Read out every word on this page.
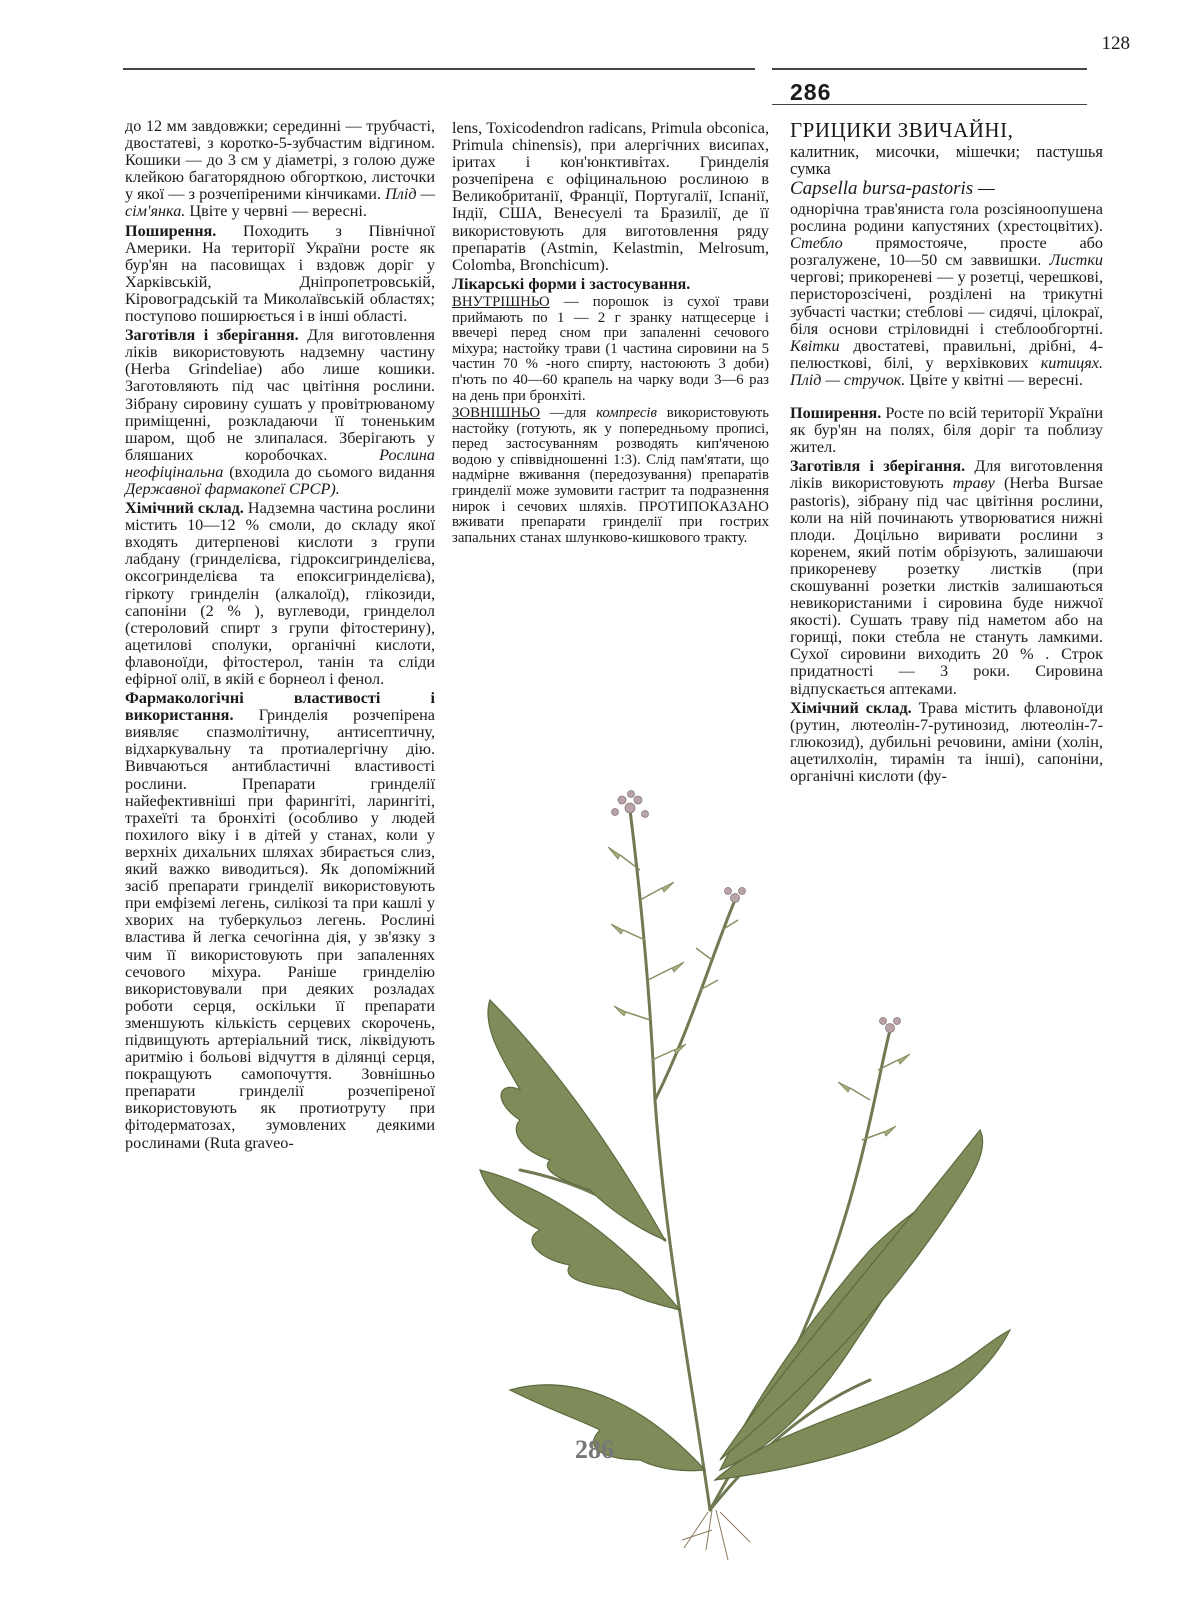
128
286

до 12 мм завдовжки; серединні — трубчасті, двостатеві, з коротко-5-зубчастим відгином. Кошики — до 3 см у діаметрі, з голою дуже клейкою багаторядною обгорткою, листочки у якої — з розчепіреними кінчиками. Плід — сім'янка. Цвіте у червні — вересні.

Поширення. Походить з Північної Америки. На території України росте як бур'ян на пасовищах і вздовж доріг у Харківській, Дніпропетровській, Кіровоградській та Миколаївській областях; поступово поширюється і в інші області.

Заготівля і зберігання. Для виготовлення ліків використовують надземну частину (Herba Grindeliae) або лише кошики. Заготовляють під час цвітіння рослини. Зібрану сировину сушать у провітрюваному приміщенні, розкладаючи її тоненьким шаром, щоб не злипалася. Зберігають у бляшаних коробочках. Рослина неофіцінальна (входила до сьомого видання Державної фармакопеї СРСР).

Хімічний склад. Надземна частина рослини містить 10—12 % смоли, до складу якої входять дитерпенові кислоти з групи лабдану (гринделієва, гідроксигринделієва, оксогринделієва та епоксигринделієва), гіркоту гринделін (алкалоїд), глікозиди, сапоніни (2 % ), вуглеводи, гринделол (стероловий спирт з групи фітостерину), ацетилові сполуки, органічні кислоти, флавоноїди, фітостерол, танін та сліди ефірної олії, в якій є борнеол і фенол.

Фармакологічні властивості і використання. Гринделія розчепірена виявляє спазмолітичну, антисептичну, відхаркувальну та протиалергічну дію. Вивчаються антибластичні властивості рослини. Препарати гринделії найефективніші при фарингіті, ларингіті, трахеїті та бронхіті (особливо у людей похилого віку і в дітей у станах, коли у верхніх дихальних шляхах збирається слиз, який важко виводиться). Як допоміжний засіб препарати гринделії використовують при емфіземі легень, силікозі та при кашлі у хворих на туберкульоз легень. Рослині властива й легка сечогінна дія, у зв'язку з чим її використовують при запаленнях сечового міхура. Раніше гринделію використовували при деяких розладах роботи серця, оскільки її препарати зменшують кількість серцевих скорочень, підвищують артеріальний тиск, ліквідують аритмію і больові відчуття в ділянці серця, покращують самопочуття. Зовнішньо препарати гринделії розчепіреної використовують як протиотруту при фітодерматозах, зумовлених деякими рослинами (Ruta graveo-

lens, Toxicodendron radicans, Primula obconica, Primula chinensis), при алергічних висипах, іритах і кон'юнктивітах. Гринделія розчепірена є офіцинальною рослиною в Великобританії, Франції, Португалії, Іспанії, Індії, США, Венесуелі та Бразилії, де її використовують для виготовлення ряду препаратів (Astmin, Kelastmin, Melrosum, Colomba, Bronchicum).

Лікарські форми і застосування.

ВНУТРІШНЬО — порошок із сухої трави приймають по 1 — 2 г зранку натщесерце і ввечері перед сном при запаленні сечового міхура; настойку трави (1 частина сировини на 5 частин 70 % -ного спирту, настоюють 3 доби) п'ють по 40—60 крапель на чарку води 3—6 раз на день при бронхіті.

ЗОВНІШНЬО —для компресів використовують настойку (готують, як у попередньому прописі, перед застосуванням розводять кип'яченою водою у співвідношенні 1:3). Слід пам'ятати, що надмірне вживання (передозування) препаратів гринделії може зумовити гастрит та подразнення нирок і сечових шляхів. ПРОТИПОКАЗАНО вживати препарати гринделії при гострих запальних станах шлунково-кишкового тракту.

ГРИЦИКИ ЗВИЧАЙНІ,

калитник, мисочки, мішечки; пастушья сумка

Capsella bursa-pastoris —

однорічна трав'яниста гола розсіяноопушена рослина родини капустяних (хрестоцвітих). Стебло прямостояче, просте або розгалужене, 10—50 см заввишки. Листки чергові; прикореневі — у розетці, черешкові, перисторозсічені, розділені на трикутні зубчасті частки; стеблові — сидячі, цілокраї, біля основи стріловидні і стеблообгортні. Квітки двостатеві, правильні, дрібні, 4-пелюсткові, білі, у верхівкових китицях. Плід — стручок. Цвіте у квітні — вересні.

Поширення. Росте по всій території України як бур'ян на полях, біля доріг та поблизу жител.

Заготівля і зберігання. Для виготовлення ліків використовують траву (Herba Bursae pastoris), зібрану під час цвітіння рослини, коли на ній починають утворюватися нижні плоди. Доцільно виривати рослини з коренем, який потім обрізують, залишаючи прикореневу розетку листків (при скошуванні розетки листків залишаються невикористаними і сировина буде нижчої якості). Сушать траву під наметом або на горищі, поки стебла не стануть ламкими. Сухої сировини виходить 20 % . Строк придатності — 3 роки. Сировина відпускається аптеками.

Хімічний склад. Трава містить флавоноїди (рутин, лютеолін-7-рутинозид, лютеолін-7-глюкозид), дубильні речовини, аміни (холін, ацетилхолін, тирамін та інші), сапоніни, органічні кислоти (фу-

286
